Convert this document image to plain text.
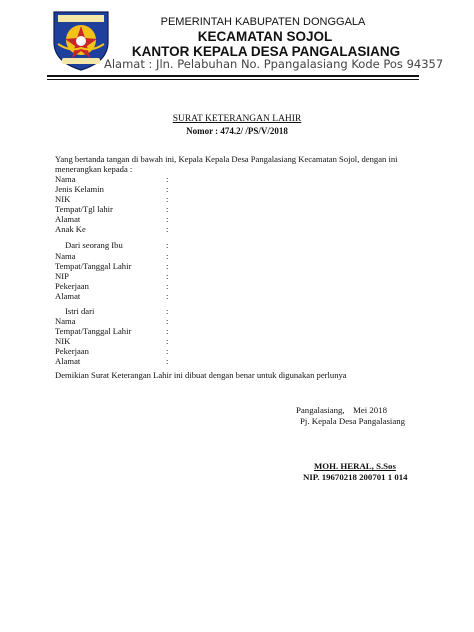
PEMERINTAH KABUPATEN DONGGALA
KECAMATAN SOJOL
KANTOR KEPALA DESA PANGALASIANG
Alamat : Jln. Pelabuhan No. Ppangalasiang Kode Pos 94357
SURAT KETERANGAN LAHIR
Nomor : 474.2/ /PS/V/2018
Yang bertanda tangan di bawah ini, Kepala Kepala Desa Pangalasiang Kecamatan Sojol, dengan ini
menerangkan kepada :
Nama	:
Jenis Kelamin	:
NIK	:
Tempat/Tgl lahir	:
Alamat	:
Anak Ke	:
Dari seorang Ibu	:
Nama	:
Tempat/Tanggal Lahir	:
NIP	:
Pekerjaan	:
Alamat	:
Istri dari	:
Nama	:
Tempat/Tanggal Lahir	:
NIK	:
Pekerjaan	:
Alamat	:
Demikian Surat Keterangan Lahir ini dibuat dengan benar untuk digunakan perlunya
Pangalasiang, Mei 2018
Pj. Kepala Desa Pangalasiang
MOH. HERAL, S.Sos
NIP. 19670218 200701 1 014
